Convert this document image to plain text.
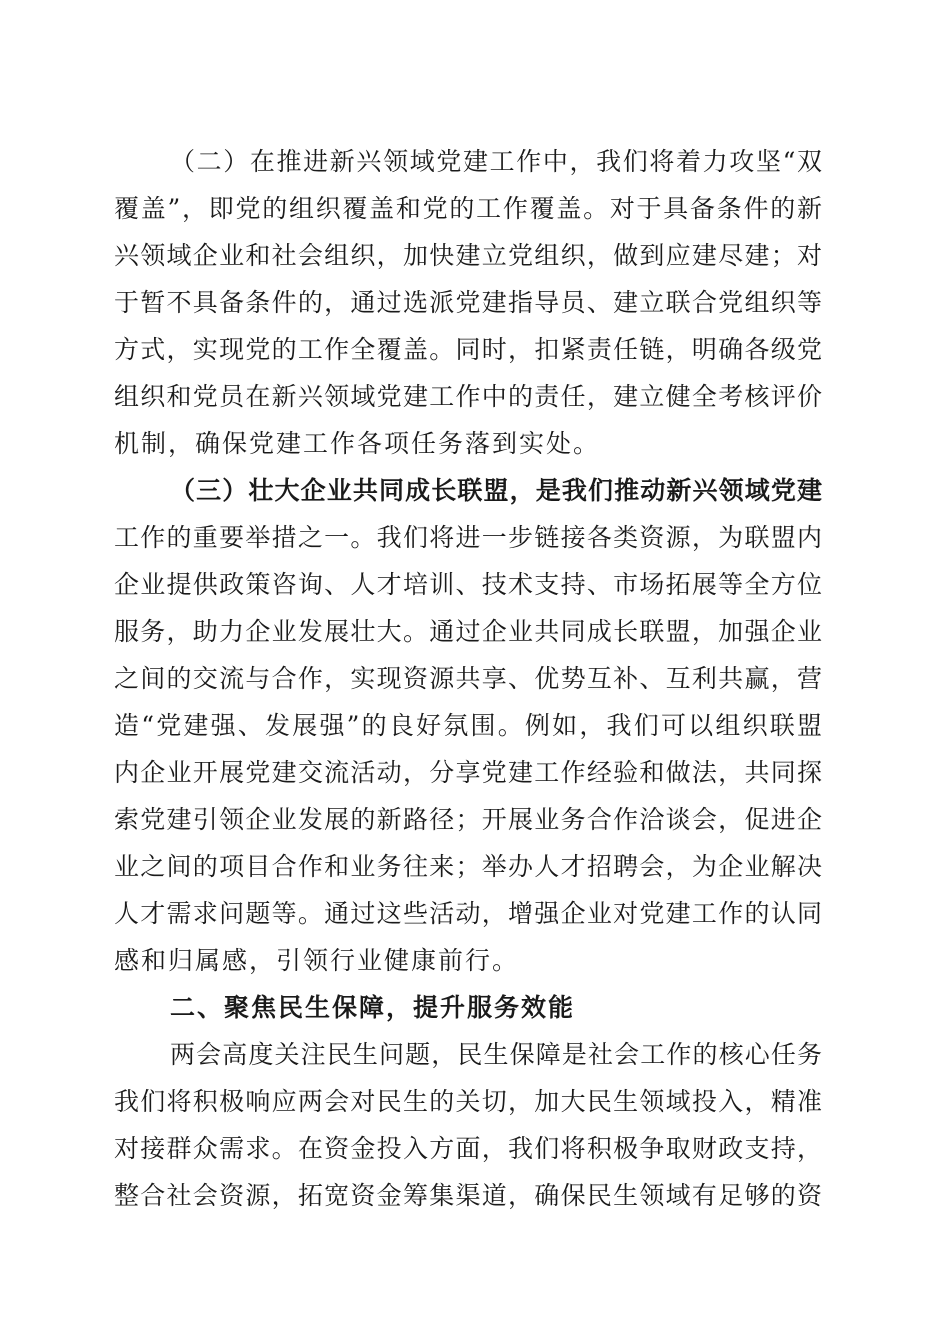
（二）在推进新兴领域党建工作中，我们将着力攻坚“双
覆盖”，即党的组织覆盖和党的工作覆盖。对于具备条件的新
兴领域企业和社会组织，加快建立党组织，做到应建尽建；对
于暂不具备条件的，通过选派党建指导员、建立联合党组织等
方式，实现党的工作全覆盖。同时，扣紧责任链，明确各级党
组织和党员在新兴领域党建工作中的责任，建立健全考核评价
机制，确保党建工作各项任务落到实处。
（三）壮大企业共同成长联盟，是我们推动新兴领域党建
工作的重要举措之一。我们将进一步链接各类资源，为联盟内
企业提供政策咨询、人才培训、技术支持、市场拓展等全方位
服务，助力企业发展壮大。通过企业共同成长联盟，加强企业
之间的交流与合作，实现资源共享、优势互补、互利共赢，营
造“党建强、发展强”的良好氛围。例如，我们可以组织联盟
内企业开展党建交流活动，分享党建工作经验和做法，共同探
索党建引领企业发展的新路径；开展业务合作洽谈会，促进企
业之间的项目合作和业务往来；举办人才招聘会，为企业解决
人才需求问题等。通过这些活动，增强企业对党建工作的认同
感和归属感，引领行业健康前行。
二、聚焦民生保障，提升服务效能
两会高度关注民生问题，民生保障是社会工作的核心任务
我们将积极响应两会对民生的关切，加大民生领域投入，精准
对接群众需求。在资金投入方面，我们将积极争取财政支持，
整合社会资源，拓宽资金筹集渠道，确保民生领域有足够的资
